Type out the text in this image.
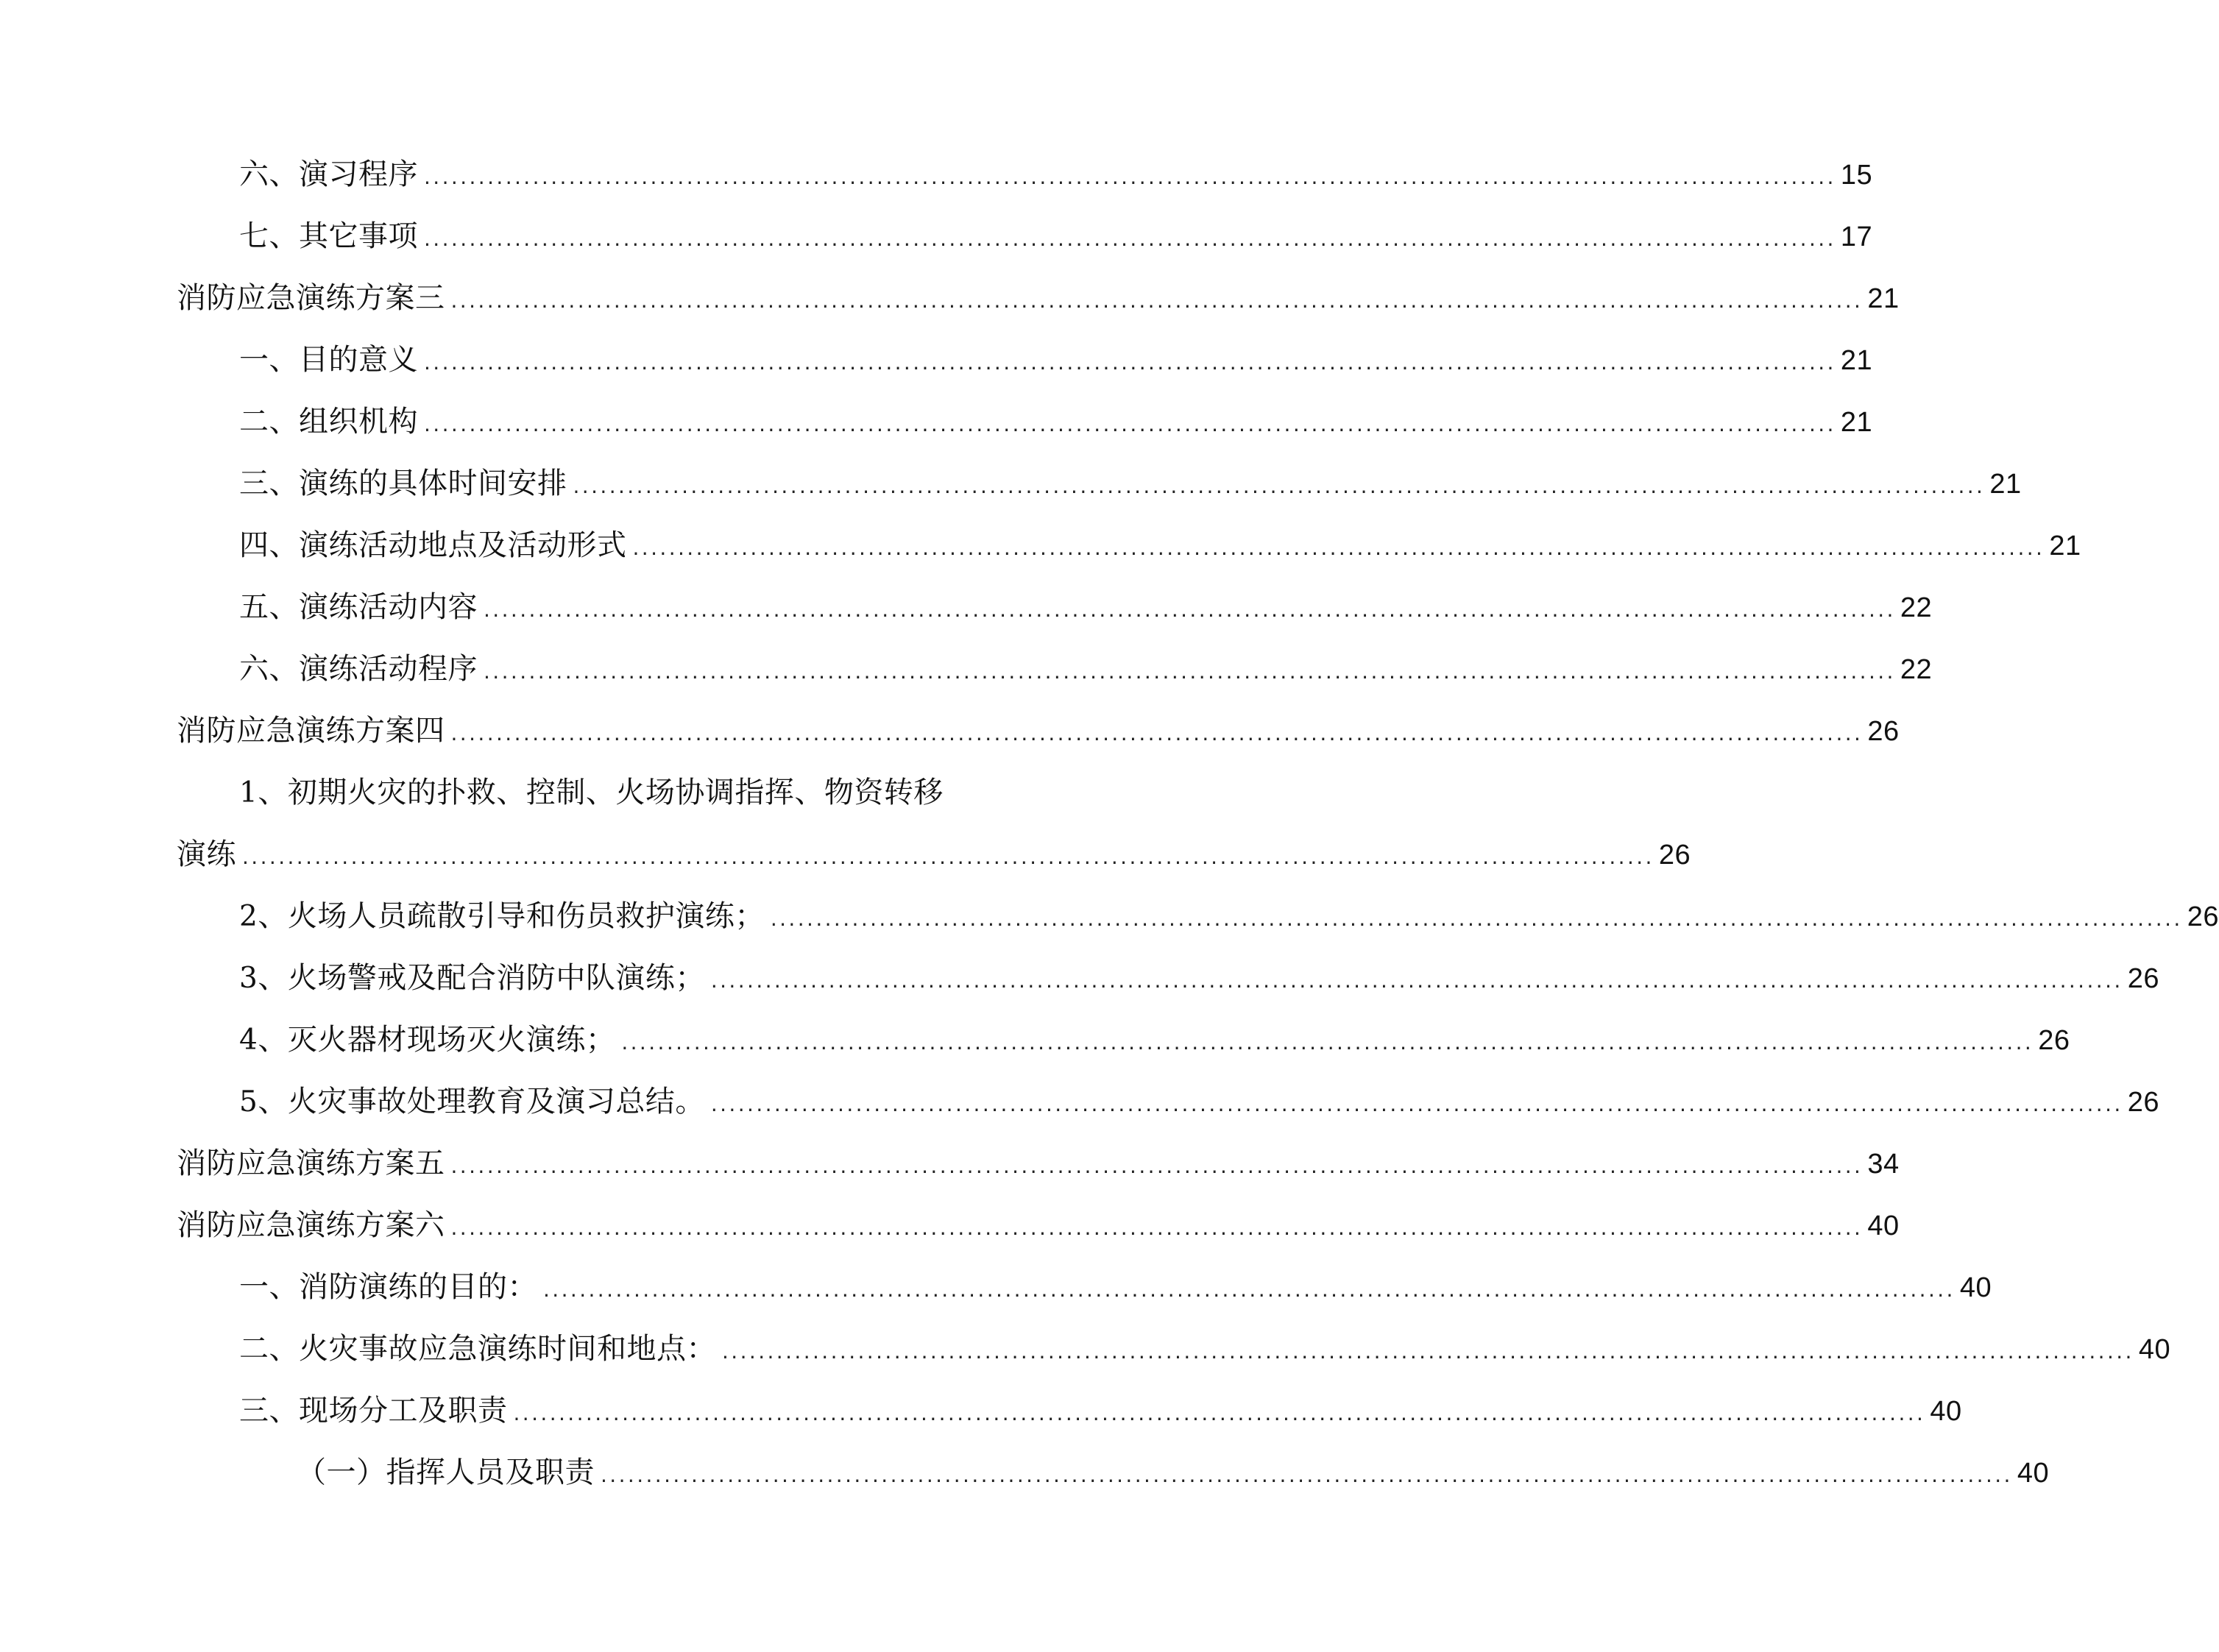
六、演习程序 ............................................................................................................................................................ 15
七、其它事项 ............................................................................................................................................................ 17
消防应急演练方案三 ............................................................................................................................................................ 21
一、目的意义 ............................................................................................................................................................ 21
二、组织机构 ............................................................................................................................................................ 21
三、演练的具体时间安排 ............................................................................................................................................................ 21
四、演练活动地点及活动形式 ............................................................................................................................................................ 21
五、演练活动内容 ............................................................................................................................................................ 22
六、演练活动程序 ............................................................................................................................................................ 22
消防应急演练方案四 ............................................................................................................................................................ 26
1、初期火灾的扑救、控制、火场协调指挥、物资转移
演练 ............................................................................................................................................................ 26
2、火场人员疏散引导和伤员救护演练； ............................................................................................................................................................ 26
3、火场警戒及配合消防中队演练； ............................................................................................................................................................ 26
4、灭火器材现场灭火演练； ............................................................................................................................................................ 26
5、火灾事故处理教育及演习总结。 ............................................................................................................................................................ 26
消防应急演练方案五 ............................................................................................................................................................ 34
消防应急演练方案六 ............................................................................................................................................................ 40
一、消防演练的目的： ............................................................................................................................................................ 40
二、火灾事故应急演练时间和地点： ............................................................................................................................................................ 40
三、现场分工及职责 ............................................................................................................................................................ 40
（一）指挥人员及职责 ............................................................................................................................................................ 40
